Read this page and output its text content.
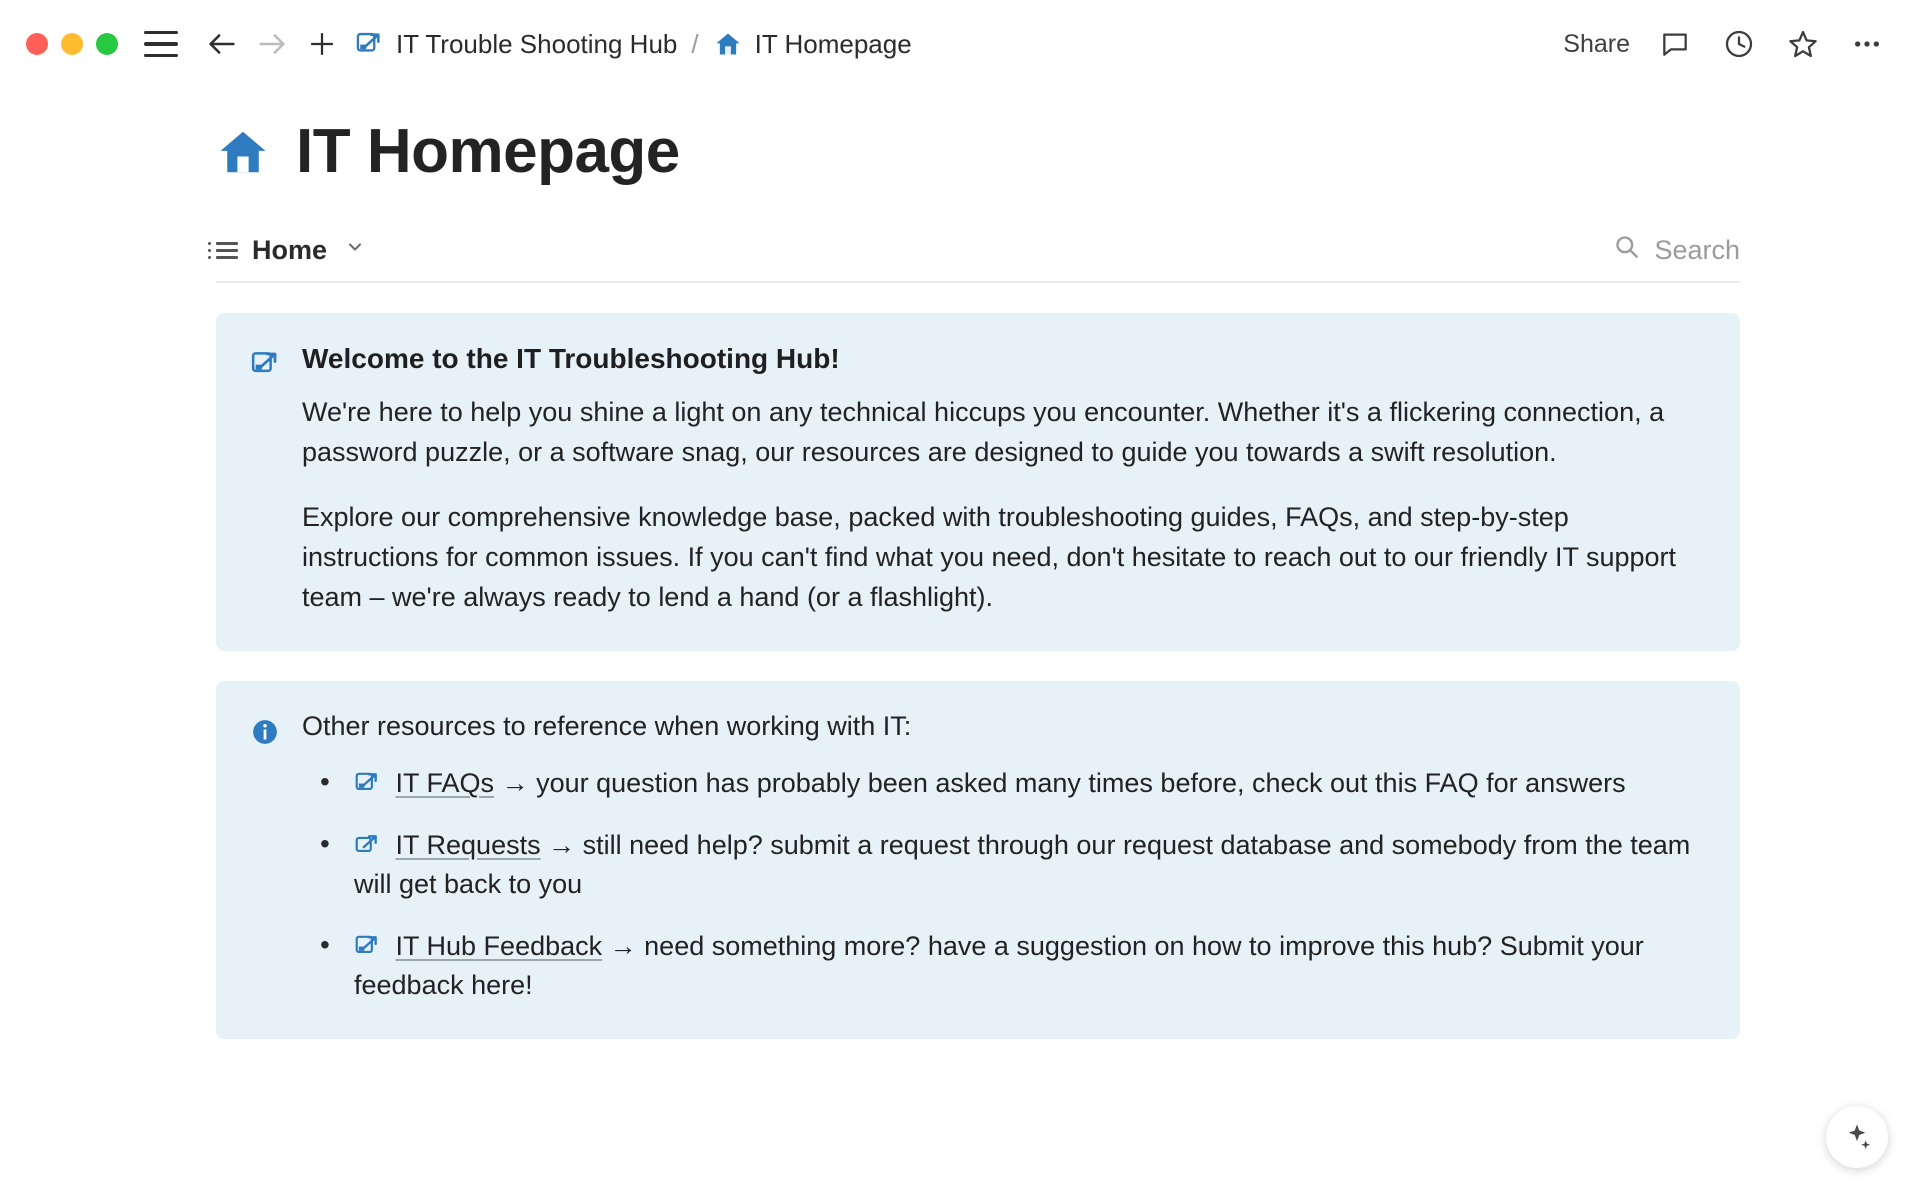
IT Trouble Shooting Hub / IT Homepage	Share
IT Homepage
Home	Search
Welcome to the IT Troubleshooting Hub!

We're here to help you shine a light on any technical hiccups you encounter. Whether it's a flickering connection, a password puzzle, or a software snag, our resources are designed to guide you towards a swift resolution.

Explore our comprehensive knowledge base, packed with troubleshooting guides, FAQs, and step-by-step instructions for common issues. If you can't find what you need, don't hesitate to reach out to our friendly IT support team – we're always ready to lend a hand (or a flashlight).

Other resources to reference when working with IT:
• IT FAQs → your question has probably been asked many times before, check out this FAQ for answers
• IT Requests → still need help? submit a request through our request database and somebody from the team will get back to you
• IT Hub Feedback → need something more? have a suggestion on how to improve this hub? Submit your feedback here!
